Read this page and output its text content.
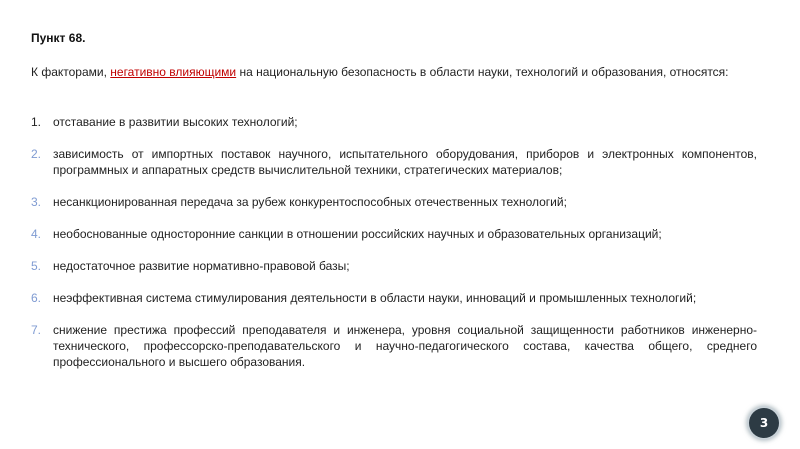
Пункт 68.
К факторами, негативно влияющими на национальную безопасность в области науки, технологий и образования, относятся:
1. отставание в развитии высоких технологий;
2. зависимость от импортных поставок научного, испытательного оборудования, приборов и электронных компонентов, программных и аппаратных средств вычислительной техники, стратегических материалов;
3. несанкционированная передача за рубеж конкурентоспособных отечественных технологий;
4. необоснованные односторонние санкции в отношении российских научных и образовательных организаций;
5. недостаточное развитие нормативно-правовой базы;
6. неэффективная система стимулирования деятельности в области науки, инноваций и промышленных технологий;
7. снижение престижа профессий преподавателя и инженера, уровня социальной защищенности работников инженерно-технического, профессорско-преподавательского и научно-педагогического состава, качества общего, среднего профессионального и высшего образования.
3
